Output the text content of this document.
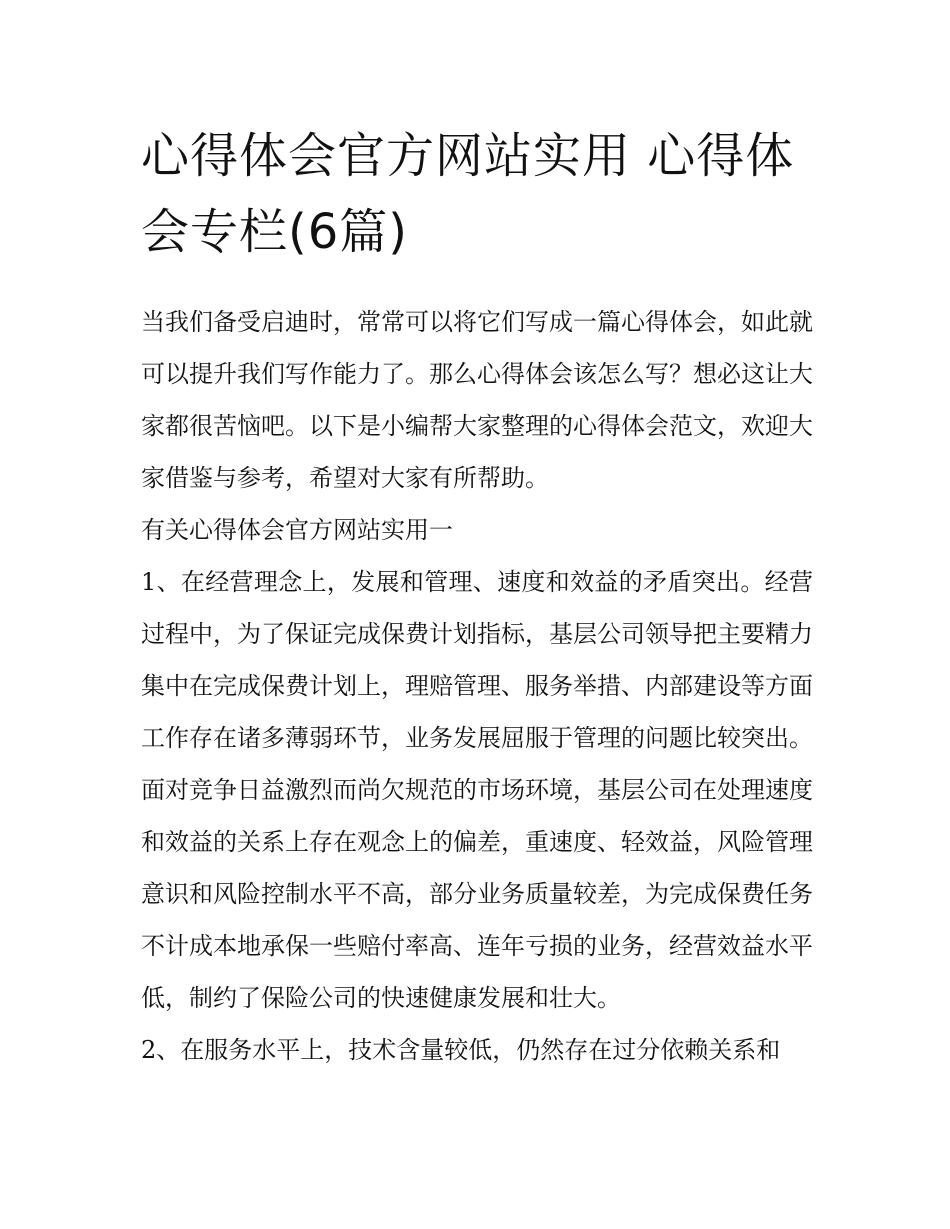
心得体会官方网站实用 心得体会专栏(6篇)

当我们备受启迪时，常常可以将它们写成一篇心得体会，如此就可以提升我们写作能力了。那么心得体会该怎么写？想必这让大家都很苦恼吧。以下是小编帮大家整理的心得体会范文，欢迎大家借鉴与参考，希望对大家有所帮助。

有关心得体会官方网站实用一

1、在经营理念上，发展和管理、速度和效益的矛盾突出。经营过程中，为了保证完成保费计划指标，基层公司领导把主要精力集中在完成保费计划上，理赔管理、服务举措、内部建设等方面工作存在诸多薄弱环节，业务发展屈服于管理的问题比较突出。面对竞争日益激烈而尚欠规范的市场环境，基层公司在处理速度和效益的关系上存在观念上的偏差，重速度、轻效益，风险管理意识和风险控制水平不高，部分业务质量较差，为完成保费任务不计成本地承保一些赔付率高、连年亏损的业务，经营效益水平低，制约了保险公司的快速健康发展和壮大。

2、在服务水平上，技术含量较低，仍然存在过分依赖关系和
